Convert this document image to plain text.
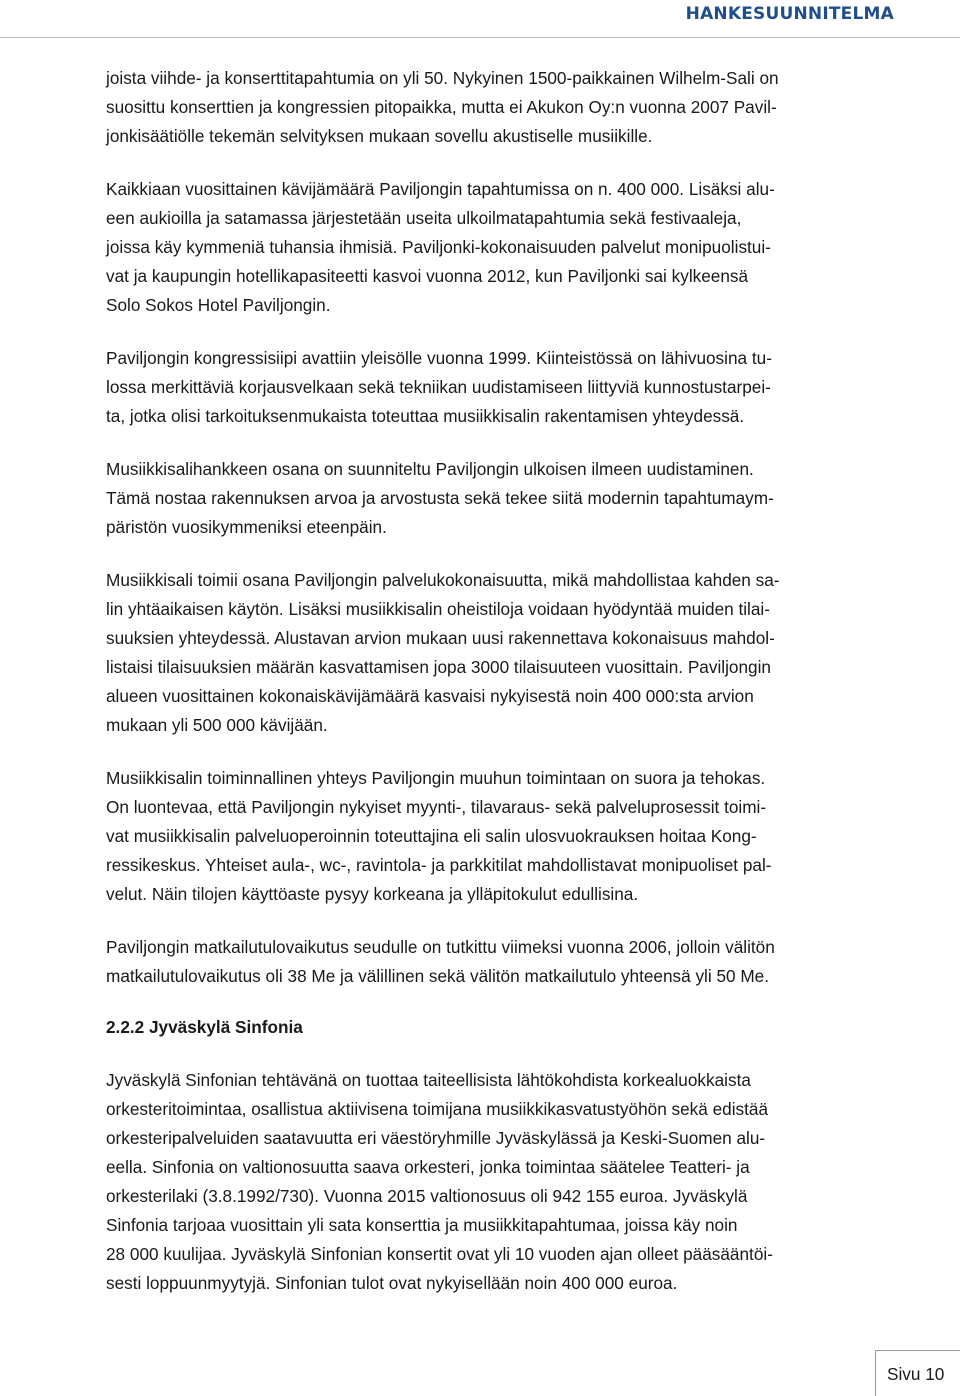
HANKESUUNNITELMA

joista viihde- ja konserttitapahtumia on yli 50. Nykyinen 1500-paikkainen Wilhelm-Sali on
suosittu konserttien ja kongressien pitopaikka, mutta ei Akukon Oy:n vuonna 2007 Pavil-
jonkisäätiölle tekemän selvityksen mukaan sovellu akustiselle musiikille.

Kaikkiaan vuosittainen kävijämäärä Paviljongin tapahtumissa on n. 400 000. Lisäksi alu-
een aukioilla ja satamassa järjestetään useita ulkoilmatapahtumia sekä festivaaleja,
joissa käy kymmeniä tuhansia ihmisiä. Paviljonki-kokonaisuuden palvelut monipuolistui-
vat ja kaupungin hotellikapasiteetti kasvoi vuonna 2012, kun Paviljonki sai kylkeensä
Solo Sokos Hotel Paviljongin.

Paviljongin kongressisiipi avattiin yleisölle vuonna 1999. Kiinteistössä on lähivuosina tu-
lossa merkittäviä korjausvelkaan sekä tekniikan uudistamiseen liittyviä kunnostustarpei-
ta, jotka olisi tarkoituksenmukaista toteuttaa musiikkisalin rakentamisen yhteydessä.

Musiikkisalihankkeen osana on suunniteltu Paviljongin ulkoisen ilmeen uudistaminen.
Tämä nostaa rakennuksen arvoa ja arvostusta sekä tekee siitä modernin tapahtumaym-
päristön vuosikymmeniksi eteenpäin.

Musiikkisali toimii osana Paviljongin palvelukokonaisuutta, mikä mahdollistaa kahden sa-
lin yhtäaikaisen käytön. Lisäksi musiikkisalin oheistiloja voidaan hyödyntää muiden tilai-
suuksien yhteydessä. Alustavan arvion mukaan uusi rakennettava kokonaisuus mahdol-
listaisi tilaisuuksien määrän kasvattamisen jopa 3000 tilaisuuteen vuosittain. Paviljongin
alueen vuosittainen kokonaiskävijämäärä kasvaisi nykyisestä noin 400 000:sta arvion
mukaan yli 500 000 kävijään.

Musiikkisalin toiminnallinen yhteys Paviljongin muuhun toimintaan on suora ja tehokas.
On luontevaa, että Paviljongin nykyiset myynti-, tilavaraus- sekä palveluprosessit toimi-
vat musiikkisalin palveluoperoinnin toteuttajina eli salin ulosvuokrauksen hoitaa Kong-
ressikeskus. Yhteiset aula-, wc-, ravintola- ja parkkitilat mahdollistavat monipuoliset pal-
velut. Näin tilojen käyttöaste pysyy korkeana ja ylläpitokulut edullisina.

Paviljongin matkailutulovaikutus seudulle on tutkittu viimeksi vuonna 2006, jolloin välitön
matkailutulovaikutus oli 38 Me ja välillinen sekä välitön matkailutulo yhteensä yli 50 Me.

2.2.2 Jyväskylä Sinfonia

Jyväskylä Sinfonian tehtävänä on tuottaa taiteellisista lähtökohdista korkealuokkaista
orkesteritoimintaa, osallistua aktiivisena toimijana musiikkikasvatustyöhön sekä edistää
orkesteripalveluiden saatavuutta eri väestöryhmille Jyväskylässä ja Keski-Suomen alu-
eella. Sinfonia on valtionosuutta saava orkesteri, jonka toimintaa säätelee Teatteri- ja
orkesterilaki (3.8.1992/730). Vuonna 2015 valtionosuus oli 942 155 euroa. Jyväskylä
Sinfonia tarjoaa vuosittain yli sata konserttia ja musiikkitapahtumaa, joissa käy noin
28 000 kuulijaa. Jyväskylä Sinfonian konsertit ovat yli 10 vuoden ajan olleet pääsääntöi-
sesti loppuunmyytyjä. Sinfonian tulot ovat nykyisellään noin 400 000 euroa.

Sivu 10
